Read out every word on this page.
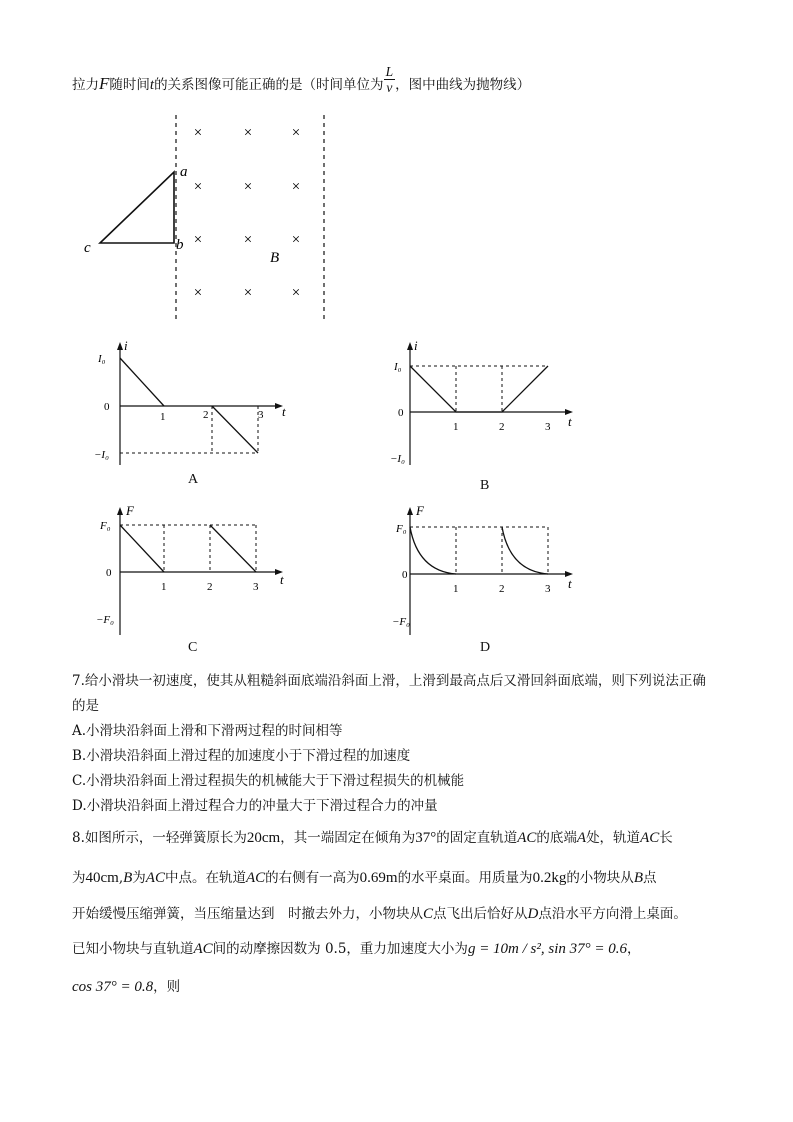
拉力F随时间t的关系图像可能正确的是（时间单位为 $\frac{L}{v}$ ，图中曲线为抛物线）
a
b
c
B
×	×	×
×	×	×
×	×	×
×	×	×
i
t
I₀
0
−I₀
1	2	3
A
i
t
I₀
0
−I₀
1	2	3
B
F
t
F₀
0
−F₀
1	2	3
C
F
t
F₀
0
−F₀
1	2	3
D
7.给小滑块一初速度，使其从粗糙斜面底端沿斜面上滑，上滑到最高点后又滑回斜面底端，则下列说法正确
的是
A.小滑块沿斜面上滑和下滑两过程的时间相等
B.小滑块沿斜面上滑过程的加速度小于下滑过程的加速度
C.小滑块沿斜面上滑过程损失的机械能大于下滑过程损失的机械能
D.小滑块沿斜面上滑过程合力的冲量大于下滑过程合力的冲量
8.如图所示，一轻弹簧原长为20cm，其一端固定在倾角为37°的固定直轨道AC的底端A处，轨道AC长
为40cm,B为AC中点。在轨道AC的右侧有一高为0.69m的水平桌面。用质量为0.2kg的小物块从B点
开始缓慢压缩弹簧，当压缩量达到　时撤去外力，小物块从C点飞出后恰好从D点沿水平方向滑上桌面。
已知小物块与直轨道AC间的动摩擦因数为 0.5，重力加速度大小为g = 10m / s², sin 37° = 0.6，
cos 37° = 0.8，则
